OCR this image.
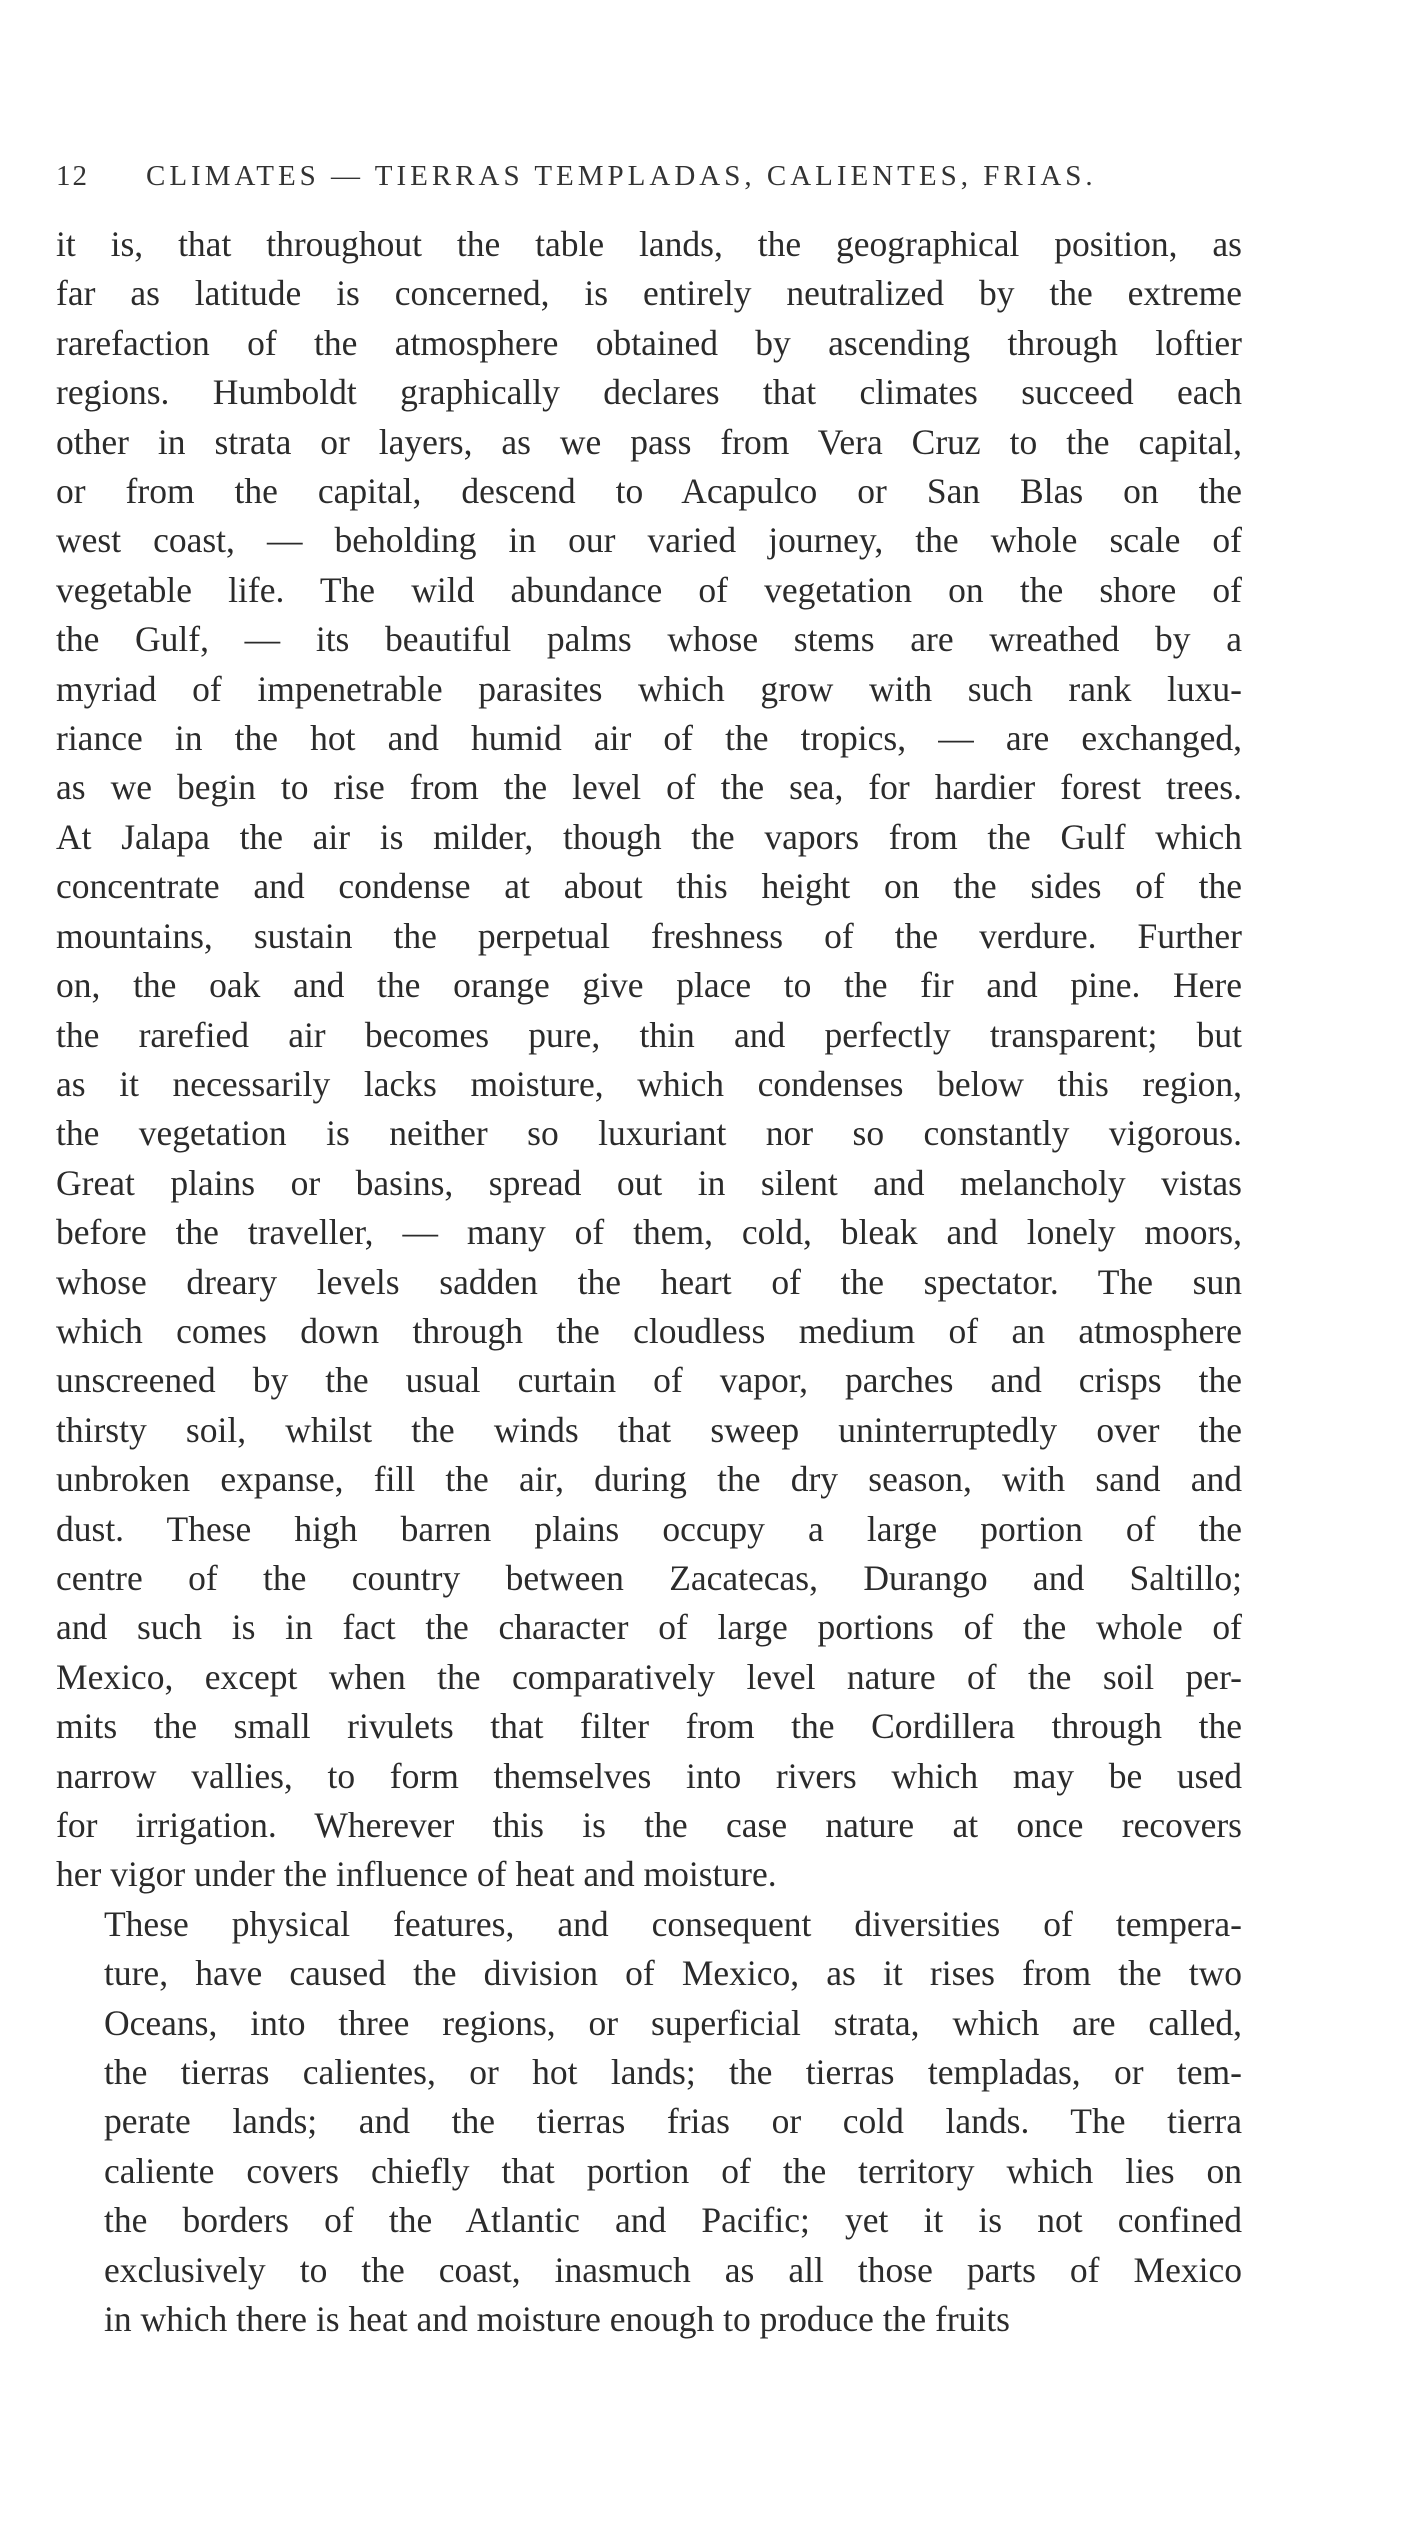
12	CLIMATES — TIERRAS TEMPLADAS, CALIENTES, FRIAS.

it is, that throughout the table lands, the geographical position, as
far as latitude is concerned, is entirely neutralized by the extreme
rarefaction of the atmosphere obtained by ascending through loftier
regions. Humboldt graphically declares that climates succeed each
other in strata or layers, as we pass from Vera Cruz to the capital,
or from the capital, descend to Acapulco or San Blas on the
west coast, — beholding in our varied journey, the whole scale of
vegetable life. The wild abundance of vegetation on the shore of
the Gulf, — its beautiful palms whose stems are wreathed by a
myriad of impenetrable parasites which grow with such rank luxu-
riance in the hot and humid air of the tropics, — are exchanged,
as we begin to rise from the level of the sea, for hardier forest trees.
At Jalapa the air is milder, though the vapors from the Gulf which
concentrate and condense at about this height on the sides of the
mountains, sustain the perpetual freshness of the verdure. Further
on, the oak and the orange give place to the fir and pine. Here
the rarefied air becomes pure, thin and perfectly transparent; but
as it necessarily lacks moisture, which condenses below this region,
the vegetation is neither so luxuriant nor so constantly vigorous.
Great plains or basins, spread out in silent and melancholy vistas
before the traveller, — many of them, cold, bleak and lonely moors,
whose dreary levels sadden the heart of the spectator. The sun
which comes down through the cloudless medium of an atmosphere
unscreened by the usual curtain of vapor, parches and crisps the
thirsty soil, whilst the winds that sweep uninterruptedly over the
unbroken expanse, fill the air, during the dry season, with sand and
dust. These high barren plains occupy a large portion of the
centre of the country between Zacatecas, Durango and Saltillo;
and such is in fact the character of large portions of the whole of
Mexico, except when the comparatively level nature of the soil per-
mits the small rivulets that filter from the Cordillera through the
narrow vallies, to form themselves into rivers which may be used
for irrigation. Wherever this is the case nature at once recovers
her vigor under the influence of heat and moisture.

These physical features, and consequent diversities of tempera-
ture, have caused the division of Mexico, as it rises from the two
Oceans, into three regions, or superficial strata, which are called,
the tierras calientes, or hot lands; the tierras templadas, or tem-
perate lands; and the tierras frias or cold lands. The tierra
caliente covers chiefly that portion of the territory which lies on
the borders of the Atlantic and Pacific; yet it is not confined
exclusively to the coast, inasmuch as all those parts of Mexico
in which there is heat and moisture enough to produce the fruits
